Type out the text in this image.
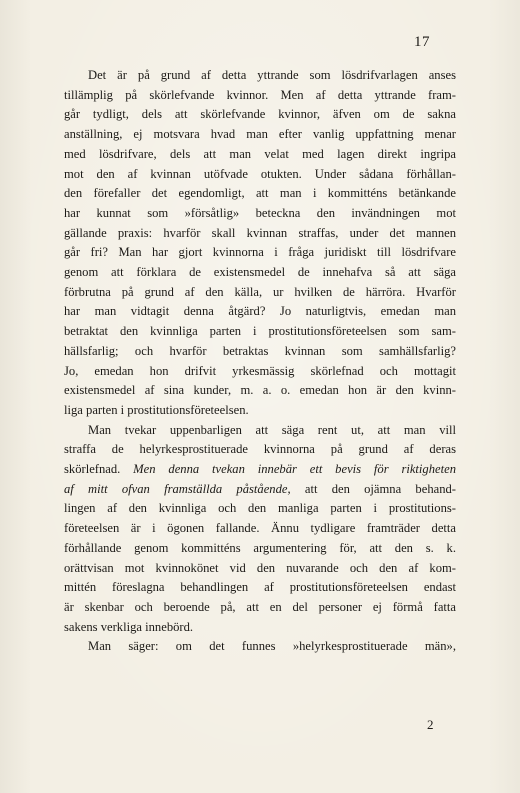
17
Det är på grund af detta yttrande som lösdrifvarlagen anses
tillämplig på skörlefvande kvinnor. Men af detta yttrande fram-
går tydligt, dels att skörlefvande kvinnor, äfven om de sakna
anställning, ej motsvara hvad man efter vanlig uppfattning menar
med lösdrifvare, dels att man velat med lagen direkt ingripa
mot den af kvinnan utöfvade otukten. Under sådana förhållan-
den förefaller det egendomligt, att man i kommitténs betänkande
har kunnat som »försåtlig» beteckna den invändningen mot
gällande praxis: hvarför skall kvinnan straffas, under det mannen
går fri? Man har gjort kvinnorna i fråga juridiskt till lösdrifvare
genom att förklara de existensmedel de innehafva så att säga
förbrutna på grund af den källa, ur hvilken de härröra. Hvarför
har man vidtagit denna åtgärd? Jo naturligtvis, emedan man
betraktat den kvinnliga parten i prostitutionsföreteelsen som sam-
hällsfarlig; och hvarför betraktas kvinnan som samhällsfarlig?
Jo, emedan hon drifvit yrkesmässig skörlefnad och mottagit
existensmedel af sina kunder, m. a. o. emedan hon är den kvinn-
liga parten i prostitutionsföreteelsen.
Man tvekar uppenbarligen att säga rent ut, att man vill
straffa de helyrkesprostituerade kvinnorna på grund af deras
skörlefnad. Men denna tvekan innebär ett bevis för riktigheten
af mitt ofvan framställda påstående, att den ojämna behand-
lingen af den kvinnliga och den manliga parten i prostitutions-
företeelsen är i ögonen fallande. Ännu tydligare framträder detta
förhållande genom kommitténs argumentering för, att den s. k.
orättvisan mot kvinnokönet vid den nuvarande och den af kom-
mittén föreslagna behandlingen af prostitutionsföreteelsen endast
är skenbar och beroende på, att en del personer ej förmå fatta
sakens verkliga innebörd.
Man säger: om det funnes »helyrkesprostituerade män»,
2
